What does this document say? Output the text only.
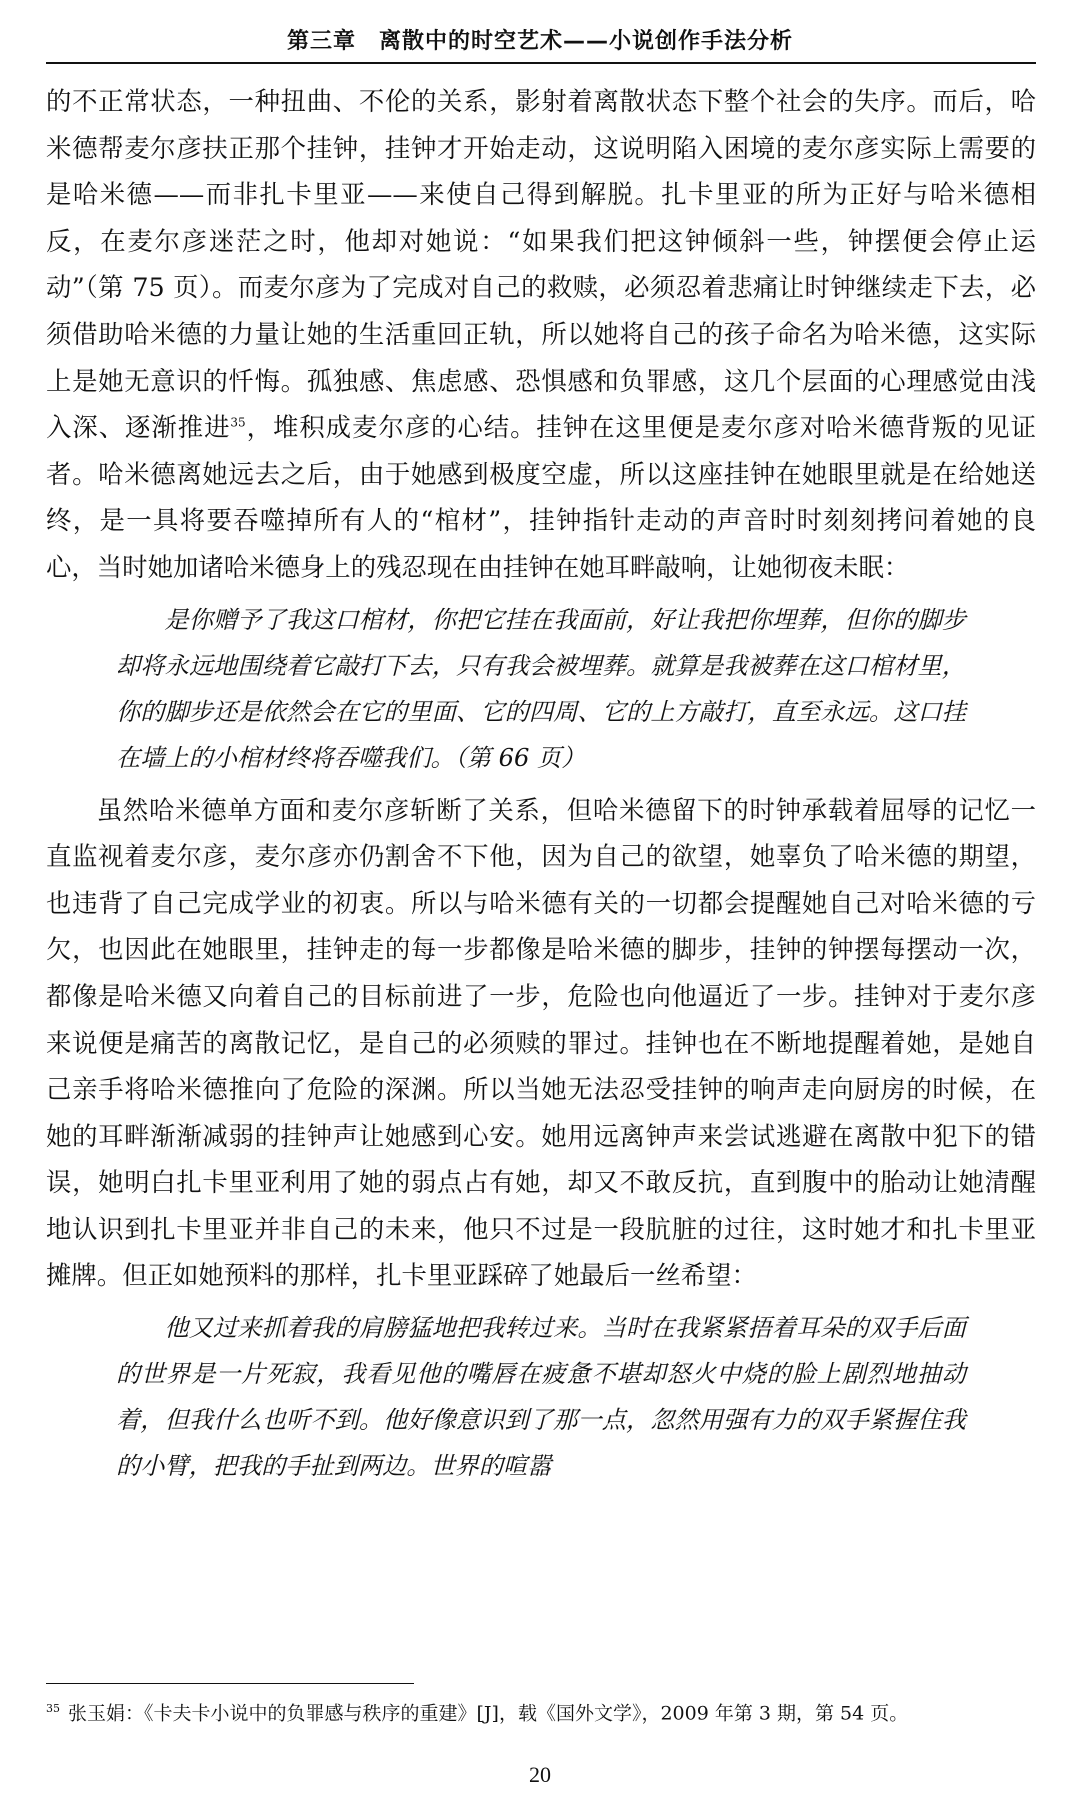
第三章　离散中的时空艺术——小说创作手法分析

的不正常状态，一种扭曲、不伦的关系，影射着离散状态下整个社会的失序。而后，哈米德帮麦尔彦扶正那个挂钟，挂钟才开始走动，这说明陷入困境的麦尔彦实际上需要的是哈米德——而非扎卡里亚——来使自己得到解脱。扎卡里亚的所为正好与哈米德相反，在麦尔彦迷茫之时，他却对她说：“如果我们把这钟倾斜一些，钟摆便会停止运动”（第 75 页）。而麦尔彦为了完成对自己的救赎，必须忍着悲痛让时钟继续走下去，必须借助哈米德的力量让她的生活重回正轨，所以她将自己的孩子命名为哈米德，这实际上是她无意识的忏悔。孤独感、焦虑感、恐惧感和负罪感，这几个层面的心理感觉由浅入深、逐渐推进$^{35}$，堆积成麦尔彦的心结。挂钟在这里便是麦尔彦对哈米德背叛的见证者。哈米德离她远去之后，由于她感到极度空虚，所以这座挂钟在她眼里就是在给她送终，是一具将要吞噬掉所有人的“棺材”，挂钟指针走动的声音时时刻刻拷问着她的良心，当时她加诸哈米德身上的残忍现在由挂钟在她耳畔敲响，让她彻夜未眠：

是你赠予了我这口棺材，你把它挂在我面前，好让我把你埋葬，但你的脚步却将永远地围绕着它敲打下去，只有我会被埋葬。就算是我被葬在这口棺材里，你的脚步还是依然会在它的里面、它的四周、它的上方敲打，直至永远。这口挂在墙上的小棺材终将吞噬我们。（第 66 页）

虽然哈米德单方面和麦尔彦斩断了关系，但哈米德留下的时钟承载着屈辱的记忆一直监视着麦尔彦，麦尔彦亦仍割舍不下他，因为自己的欲望，她辜负了哈米德的期望，也违背了自己完成学业的初衷。所以与哈米德有关的一切都会提醒她自己对哈米德的亏欠，也因此在她眼里，挂钟走的每一步都像是哈米德的脚步，挂钟的钟摆每摆动一次，都像是哈米德又向着自己的目标前进了一步，危险也向他逼近了一步。挂钟对于麦尔彦来说便是痛苦的离散记忆，是自己的必须赎的罪过。挂钟也在不断地提醒着她，是她自己亲手将哈米德推向了危险的深渊。所以当她无法忍受挂钟的响声走向厨房的时候，在她的耳畔渐渐减弱的挂钟声让她感到心安。她用远离钟声来尝试逃避在离散中犯下的错误，她明白扎卡里亚利用了她的弱点占有她，却又不敢反抗，直到腹中的胎动让她清醒地认识到扎卡里亚并非自己的未来，他只不过是一段肮脏的过往，这时她才和扎卡里亚摊牌。但正如她预料的那样，扎卡里亚踩碎了她最后一丝希望：

他又过来抓着我的肩膀猛地把我转过来。当时在我紧紧捂着耳朵的双手后面的世界是一片死寂，我看见他的嘴唇在疲惫不堪却怒火中烧的脸上剧烈地抽动着，但我什么也听不到。他好像意识到了那一点，忽然用强有力的双手紧握住我的小臂，把我的手扯到两边。世界的喧嚣
$^{35}$ 张玉娟：《卡夫卡小说中的负罪感与秩序的重建》[J]，载《国外文学》，2009 年第 3 期，第 54 页。
20
